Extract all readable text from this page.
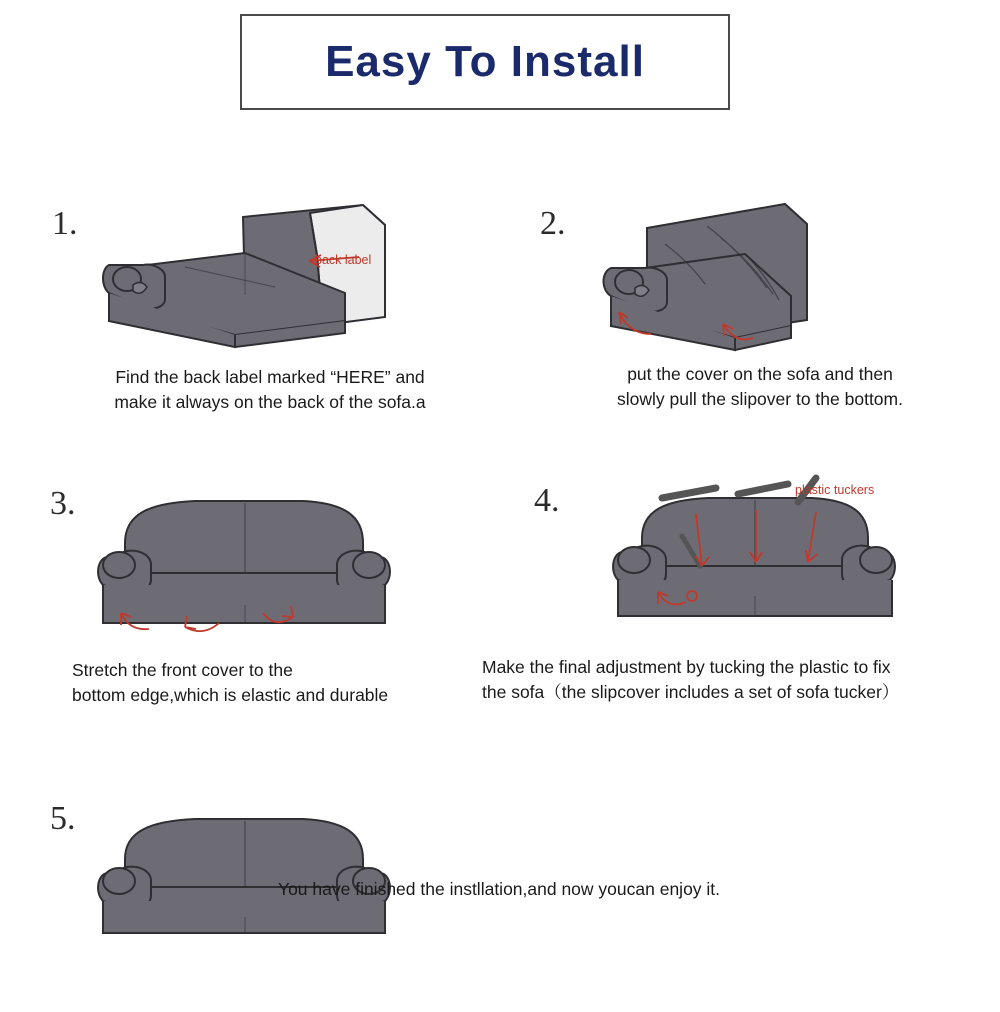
Easy To Install
1.
back label
Find the back label marked “HERE” and
make it always on the back of the sofa.a
2.
put the cover on the sofa and then
slowly pull the slipover to the bottom.
3.
Stretch the front cover to the
bottom edge,which is elastic and durable
4.	plastic tuckers
Make the final adjustment by tucking the plastic to fix
the sofa（the slipcover includes a set of sofa tucker）
5.
You have finished the instllation,and now youcan enjoy it.
